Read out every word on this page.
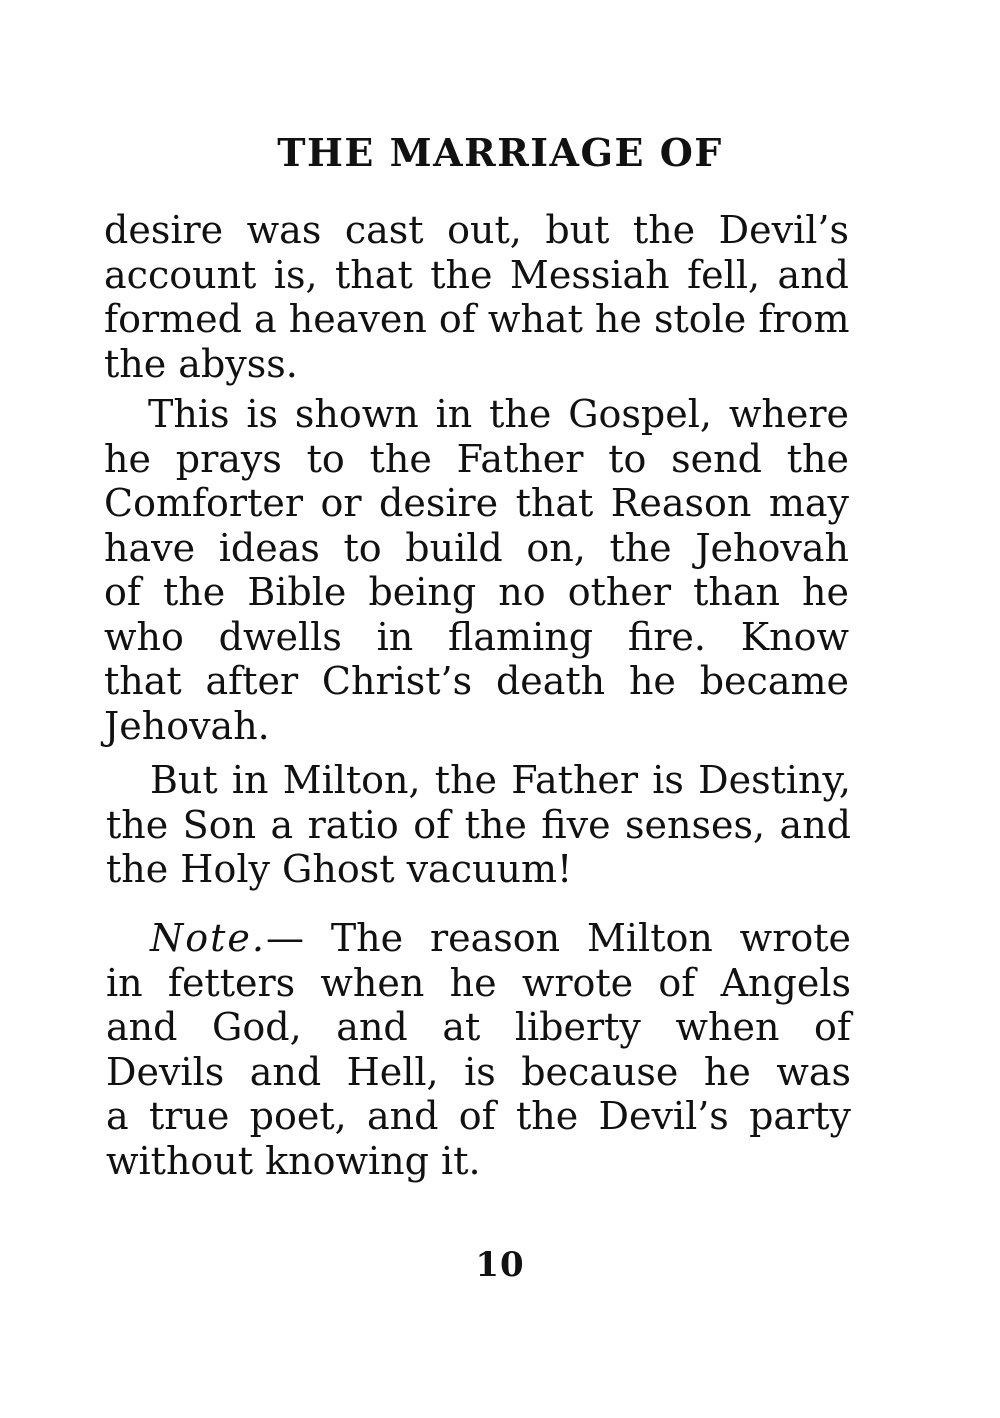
THE MARRIAGE OF
desire was cast out, but the Devil’s
account is, that the Messiah fell, and
formed a heaven of what he stole from
the abyss.
This is shown in the Gospel, where
he prays to the Father to send the
Comforter or desire that Reason may
have ideas to build on, the Jehovah
of the Bible being no other than he
who dwells in flaming fire. Know
that after Christ’s death he became
Jehovah.
But in Milton, the Father is Destiny,
the Son a ratio of the five senses, and
the Holy Ghost vacuum!
Note.— The reason Milton wrote
in fetters when he wrote of Angels
and God, and at liberty when of
Devils and Hell, is because he was
a true poet, and of the Devil’s party
without knowing it.
10
